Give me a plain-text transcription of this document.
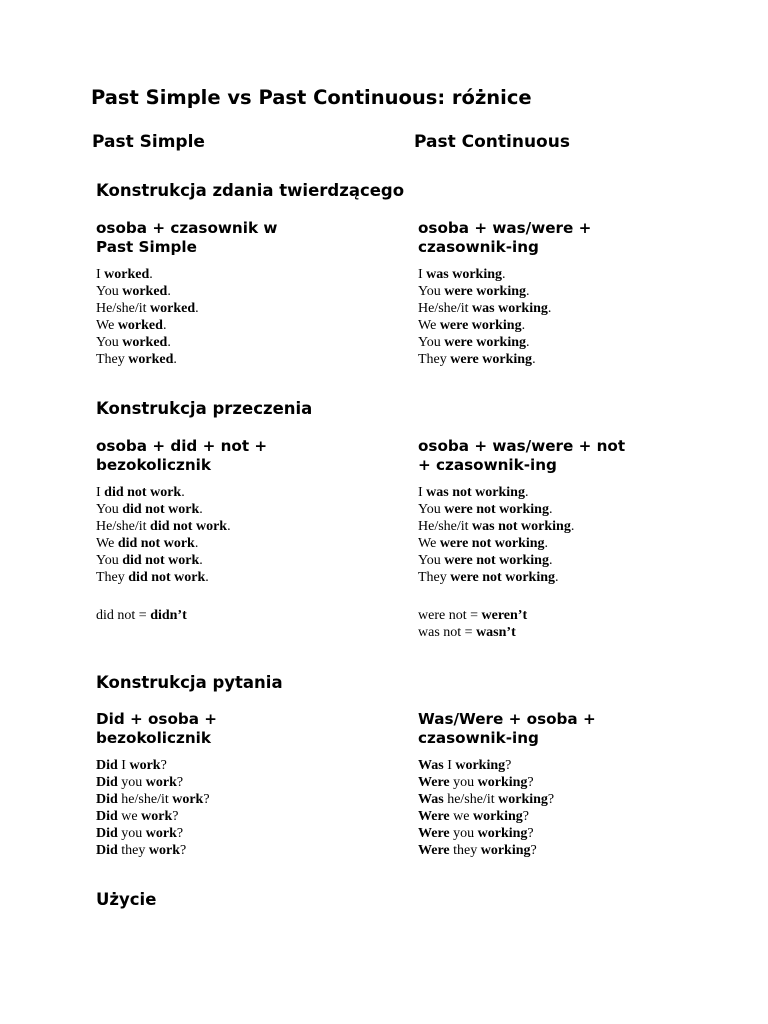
Past Simple vs Past Continuous: różnice
Past Simple	Past Continuous
Konstrukcja zdania twierdzącego
osoba + czasownik w
Past Simple
osoba + was/were +
czasownik-ing
I worked.
You worked.
He/she/it worked.
We worked.
You worked.
They worked.
I was working.
You were working.
He/she/it was working.
We were working.
You were working.
They were working.
Konstrukcja przeczenia
osoba + did + not +
bezokolicznik
osoba + was/were + not
+ czasownik-ing
I did not work.
You did not work.
He/she/it did not work.
We did not work.
You did not work.
They did not work.
I was not working.
You were not working.
He/she/it was not working.
We were not working.
You were not working.
They were not working.
did not = didn’t	were not = weren’t
was not = wasn’t
Konstrukcja pytania
Did + osoba +
bezokolicznik
Was/Were + osoba +
czasownik-ing
Did I work?
Did you work?
Did he/she/it work?
Did we work?
Did you work?
Did they work?
Was I working?
Were you working?
Was he/she/it working?
Were we working?
Were you working?
Were they working?
Użycie
